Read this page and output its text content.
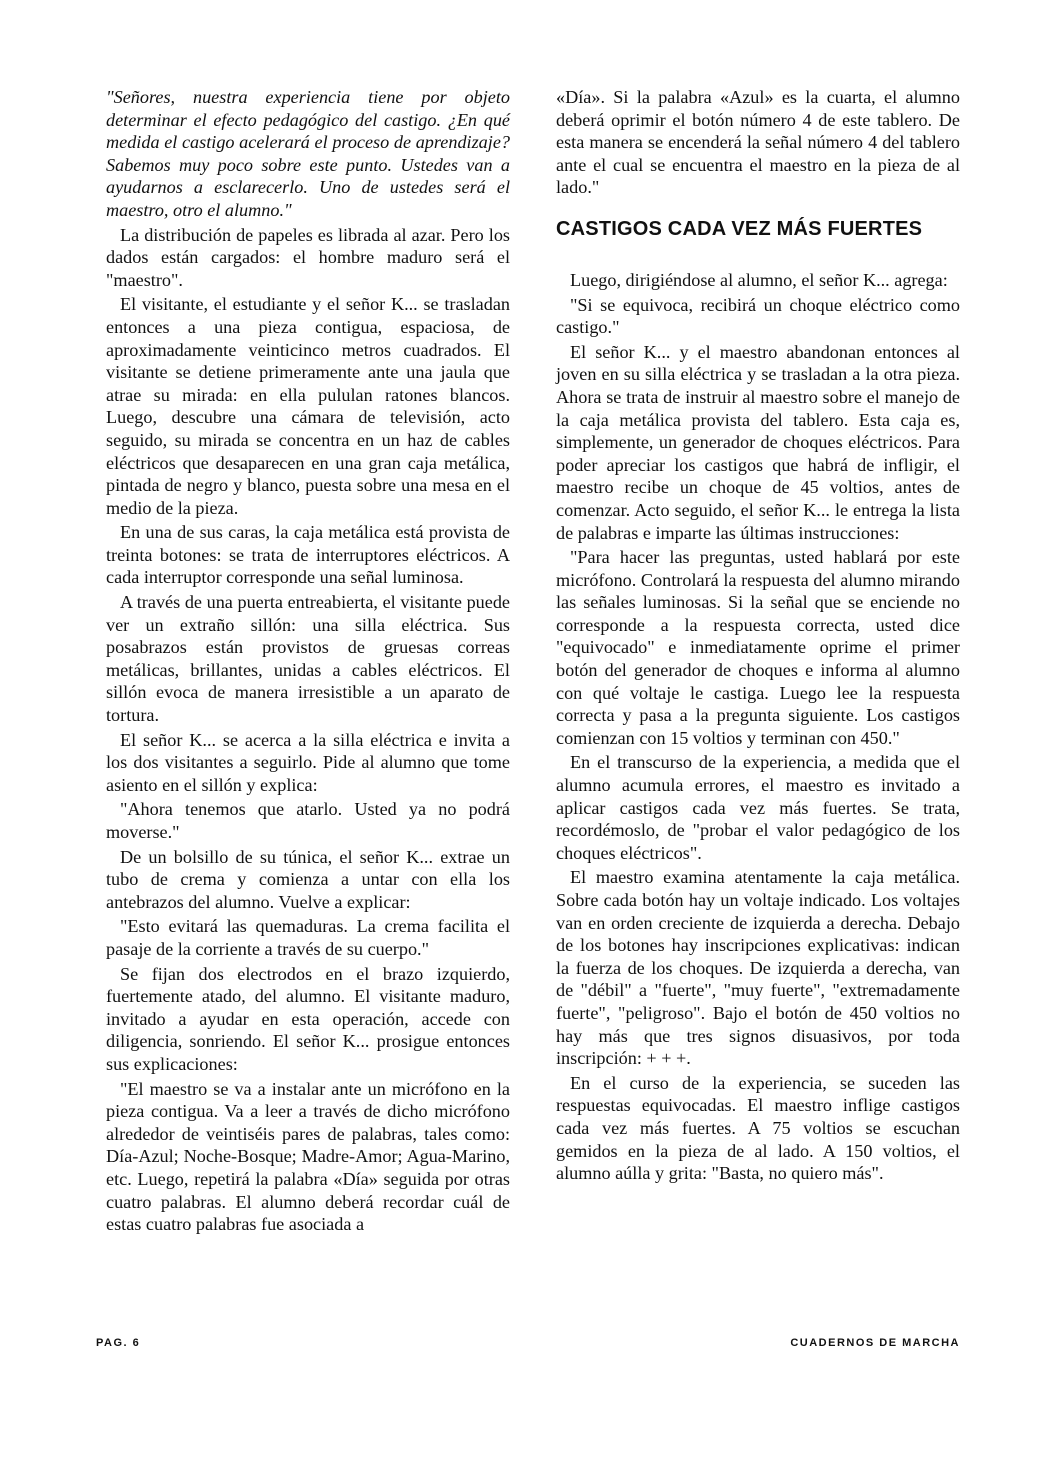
"Señores, nuestra experiencia tiene por objeto determinar el efecto pedagógico del castigo. ¿En qué medida el castigo acelerará el proceso de aprendizaje? Sabemos muy poco sobre este punto. Ustedes van a ayudarnos a esclarecerlo. Uno de ustedes será el maestro, otro el alumno."

La distribución de papeles es librada al azar. Pero los dados están cargados: el hombre maduro será el "maestro".

El visitante, el estudiante y el señor K... se trasladan entonces a una pieza contigua, espaciosa, de aproximadamente veinticinco metros cuadrados. El visitante se detiene primeramente ante una jaula que atrae su mirada: en ella pululan ratones blancos. Luego, descubre una cámara de televisión, acto seguido, su mirada se concentra en un haz de cables eléctricos que desaparecen en una gran caja metálica, pintada de negro y blanco, puesta sobre una mesa en el medio de la pieza.

En una de sus caras, la caja metálica está provista de treinta botones: se trata de interruptores eléctricos. A cada interruptor corresponde una señal luminosa.

A través de una puerta entreabierta, el visitante puede ver un extraño sillón: una silla eléctrica. Sus posabrazos están provistos de gruesas correas metálicas, brillantes, unidas a cables eléctricos. El sillón evoca de manera irresistible a un aparato de tortura.

El señor K... se acerca a la silla eléctrica e invita a los dos visitantes a seguirlo. Pide al alumno que tome asiento en el sillón y explica:

"Ahora tenemos que atarlo. Usted ya no podrá moverse."

De un bolsillo de su túnica, el señor K... extrae un tubo de crema y comienza a untar con ella los antebrazos del alumno. Vuelve a explicar:

"Esto evitará las quemaduras. La crema facilita el pasaje de la corriente a través de su cuerpo."

Se fijan dos electrodos en el brazo izquierdo, fuertemente atado, del alumno. El visitante maduro, invitado a ayudar en esta operación, accede con diligencia, sonriendo. El señor K... prosigue entonces sus explicaciones:

"El maestro se va a instalar ante un micrófono en la pieza contigua. Va a leer a través de dicho micrófono alrededor de veintiséis pares de palabras, tales como: Día-Azul; Noche-Bosque; Madre-Amor; Agua-Marino, etc. Luego, repetirá la palabra «Día» seguida por otras cuatro palabras. El alumno deberá recordar cuál de estas cuatro palabras fue asociada a

«Día». Si la palabra «Azul» es la cuarta, el alumno deberá oprimir el botón número 4 de este tablero. De esta manera se encenderá la señal número 4 del tablero ante el cual se encuentra el maestro en la pieza de al lado."

CASTIGOS CADA VEZ MÁS FUERTES

Luego, dirigiéndose al alumno, el señor K... agrega:

"Si se equivoca, recibirá un choque eléctrico como castigo."

El señor K... y el maestro abandonan entonces al joven en su silla eléctrica y se trasladan a la otra pieza. Ahora se trata de instruir al maestro sobre el manejo de la caja metálica provista del tablero. Esta caja es, simplemente, un generador de choques eléctricos. Para poder apreciar los castigos que habrá de infligir, el maestro recibe un choque de 45 voltios, antes de comenzar. Acto seguido, el señor K... le entrega la lista de palabras e imparte las últimas instrucciones:

"Para hacer las preguntas, usted hablará por este micrófono. Controlará la respuesta del alumno mirando las señales luminosas. Si la señal que se enciende no corresponde a la respuesta correcta, usted dice "equivocado" e inmediatamente oprime el primer botón del generador de choques e informa al alumno con qué voltaje le castiga. Luego lee la respuesta correcta y pasa a la pregunta siguiente. Los castigos comienzan con 15 voltios y terminan con 450."

En el transcurso de la experiencia, a medida que el alumno acumula errores, el maestro es invitado a aplicar castigos cada vez más fuertes. Se trata, recordémoslo, de "probar el valor pedagógico de los choques eléctricos".

El maestro examina atentamente la caja metálica. Sobre cada botón hay un voltaje indicado. Los voltajes van en orden creciente de izquierda a derecha. Debajo de los botones hay inscripciones explicativas: indican la fuerza de los choques. De izquierda a derecha, van de "débil" a "fuerte", "muy fuerte", "extremadamente fuerte", "peligroso". Bajo el botón de 450 voltios no hay más que tres signos disuasivos, por toda inscripción: + + +.

En el curso de la experiencia, se suceden las respuestas equivocadas. El maestro inflige castigos cada vez más fuertes. A 75 voltios se escuchan gemidos en la pieza de al lado. A 150 voltios, el alumno aúlla y grita: "Basta, no quiero más".

PAG. 6	CUADERNOS DE MARCHA
